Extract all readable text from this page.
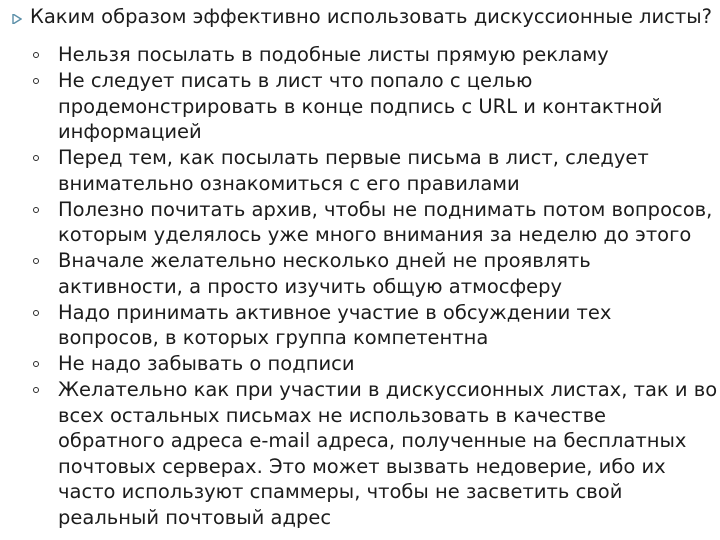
Каким образом эффективно использовать дискуссионные листы?
Нельзя посылать в подобные листы прямую рекламу
Не следует писать в лист что попало с целью продемонстрировать в конце подпись с URL и контактной информацией
Перед тем, как посылать первые письма в лист, следует внимательно ознакомиться с его правилами
Полезно почитать архив, чтобы не поднимать потом вопросов, которым уделялось уже много внимания за неделю до этого
Вначале желательно несколько дней не проявлять активности, а просто изучить общую атмосферу
Надо принимать активное участие в обсуждении тех вопросов, в которых группа компетентна
Не надо забывать о подписи
Желательно как при участии в дискуссионных листах, так и во всех остальных письмах не использовать в качестве обратного адреса e-mail адреса, полученные на бесплатных почтовых серверах. Это может вызвать недоверие, ибо их часто используют спаммеры, чтобы не засветить свой реальный почтовый адрес
